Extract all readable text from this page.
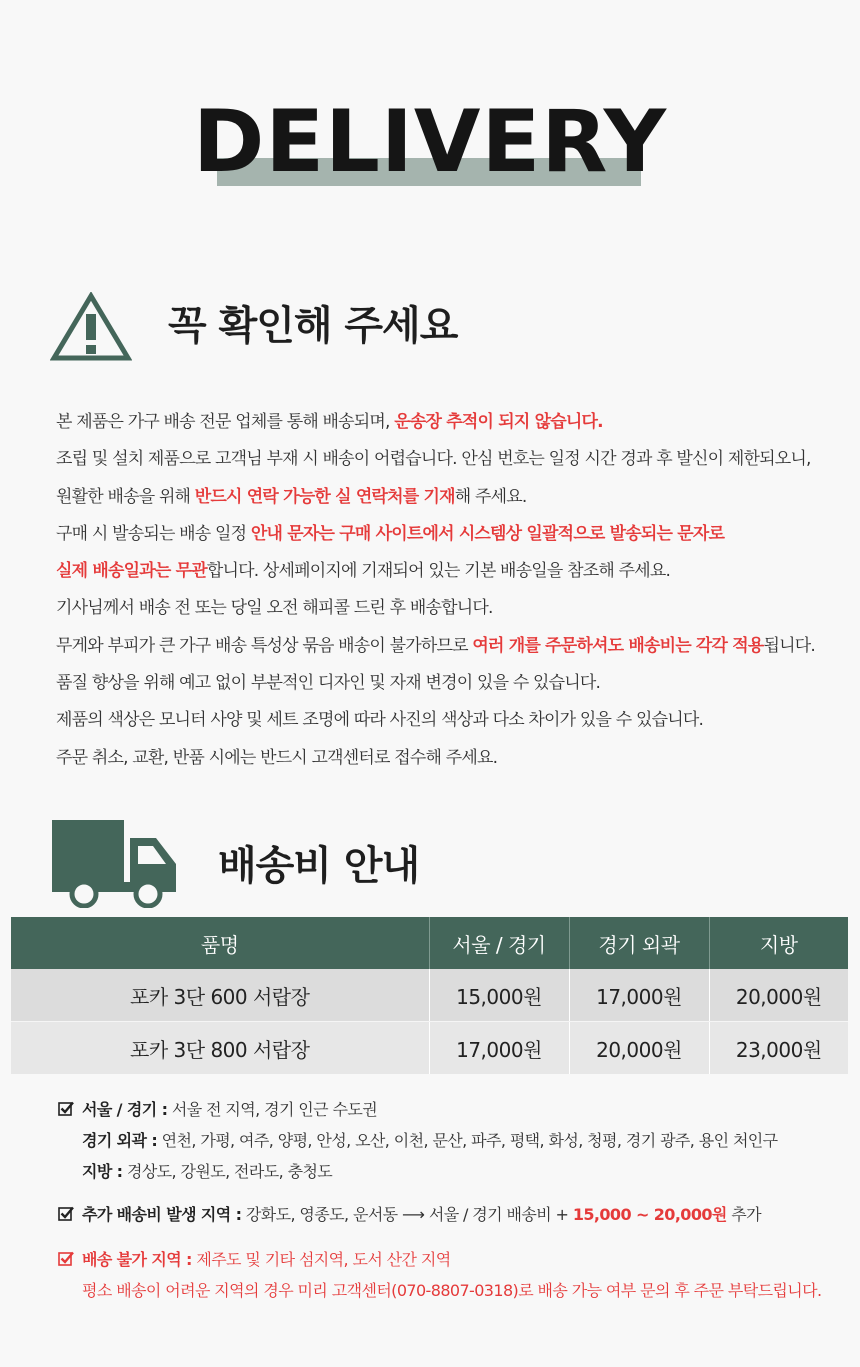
DELIVERY
꼭 확인해 주세요
본 제품은 가구 배송 전문 업체를 통해 배송되며, 운송장 추적이 되지 않습니다.
조립 및 설치 제품으로 고객님 부재 시 배송이 어렵습니다. 안심 번호는 일정 시간 경과 후 발신이 제한되오니,
원활한 배송을 위해 반드시 연락 가능한 실 연락처를 기재해 주세요.
구매 시 발송되는 배송 일정 안내 문자는 구매 사이트에서 시스템상 일괄적으로 발송되는 문자로
실제 배송일과는 무관합니다. 상세페이지에 기재되어 있는 기본 배송일을 참조해 주세요.
기사님께서 배송 전 또는 당일 오전 해피콜 드린 후 배송합니다.
무게와 부피가 큰 가구 배송 특성상 묶음 배송이 불가하므로 여러 개를 주문하셔도 배송비는 각각 적용됩니다.
품질 향상을 위해 예고 없이 부분적인 디자인 및 자재 변경이 있을 수 있습니다.
제품의 색상은 모니터 사양 및 세트 조명에 따라 사진의 색상과 다소 차이가 있을 수 있습니다.
주문 취소, 교환, 반품 시에는 반드시 고객센터로 접수해 주세요.
배송비 안내
품명	서울 / 경기	경기 외곽	지방
포카 3단 600 서랍장	15,000원	17,000원	20,000원
포카 3단 800 서랍장	17,000원	20,000원	23,000원
서울 / 경기 : 서울 전 지역, 경기 인근 수도권
경기 외곽 : 연천, 가평, 여주, 양평, 안성, 오산, 이천, 문산, 파주, 평택, 화성, 청평, 경기 광주, 용인 처인구
지방 : 경상도, 강원도, 전라도, 충청도
추가 배송비 발생 지역 : 강화도, 영종도, 운서동 ⟶ 서울 / 경기 배송비 + 15,000 ~ 20,000원 추가
배송 불가 지역 : 제주도 및 기타 섬지역, 도서 산간 지역
평소 배송이 어려운 지역의 경우 미리 고객센터(070-8807-0318)로 배송 가능 여부 문의 후 주문 부탁드립니다.
